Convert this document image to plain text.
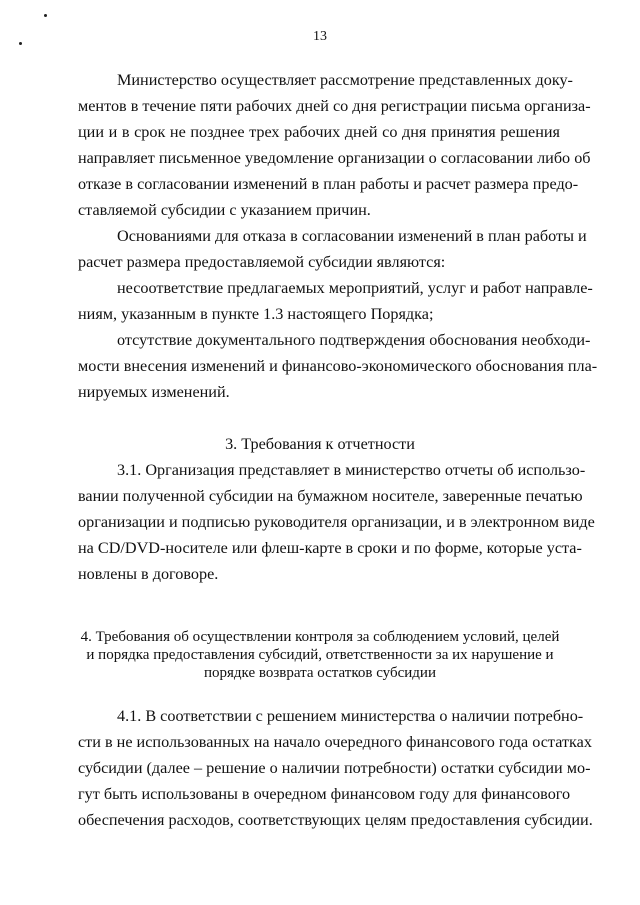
13
Министерство осуществляет рассмотрение представленных доку-
ментов в течение пяти рабочих дней со дня регистрации письма организа-
ции и в срок не позднее трех рабочих дней со дня принятия решения
направляет письменное уведомление организации о согласовании либо об
отказе в согласовании изменений в план работы и расчет размера предо-
ставляемой субсидии с указанием причин.
Основаниями для отказа в согласовании изменений в план работы и
расчет размера предоставляемой субсидии являются:
несоответствие предлагаемых мероприятий, услуг и работ направле-
ниям, указанным в пункте 1.3 настоящего Порядка;
отсутствие документального подтверждения обоснования необходи-
мости внесения изменений и финансово-экономического обоснования пла-
нируемых изменений.
3. Требования к отчетности
3.1. Организация представляет в министерство отчеты об использо-
вании полученной субсидии на бумажном носителе, заверенные печатью
организации и подписью руководителя организации, и в электронном виде
на CD/DVD-носителе или флеш-карте в сроки и по форме, которые уста-
новлены в договоре.
4. Требования об осуществлении контроля за соблюдением условий, целей
и порядка предоставления субсидий, ответственности за их нарушение и
порядке возврата остатков субсидии
4.1. В соответствии с решением министерства о наличии потребно-
сти в не использованных на начало очередного финансового года остатках
субсидии (далее – решение о наличии потребности) остатки субсидии мо-
гут быть использованы в очередном финансовом году для финансового
обеспечения расходов, соответствующих целям предоставления субсидии.
